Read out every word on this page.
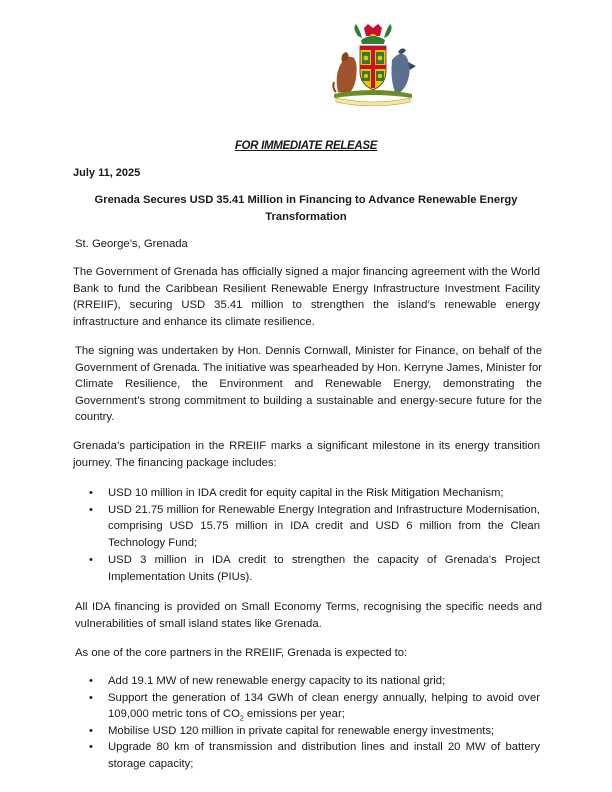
FOR IMMEDIATE RELEASE
July 11, 2025
Grenada Secures USD 35.41 Million in Financing to Advance Renewable Energy Transformation
St. George’s, Grenada
The Government of Grenada has officially signed a major financing agreement with the World Bank to fund the Caribbean Resilient Renewable Energy Infrastructure Investment Facility (RREIIF), securing USD 35.41 million to strengthen the island’s renewable energy infrastructure and enhance its climate resilience.
The signing was undertaken by Hon. Dennis Cornwall, Minister for Finance, on behalf of the Government of Grenada. The initiative was spearheaded by Hon. Kerryne James, Minister for Climate Resilience, the Environment and Renewable Energy, demonstrating the Government’s strong commitment to building a sustainable and energy-secure future for the country.
Grenada’s participation in the RREIIF marks a significant milestone in its energy transition journey. The financing package includes:
• USD 10 million in IDA credit for equity capital in the Risk Mitigation Mechanism;
• USD 21.75 million for Renewable Energy Integration and Infrastructure Modernisation, comprising USD 15.75 million in IDA credit and USD 6 million from the Clean Technology Fund;
• USD 3 million in IDA credit to strengthen the capacity of Grenada’s Project Implementation Units (PIUs).
All IDA financing is provided on Small Economy Terms, recognising the specific needs and vulnerabilities of small island states like Grenada.
As one of the core partners in the RREIIF, Grenada is expected to:
• Add 19.1 MW of new renewable energy capacity to its national grid;
• Support the generation of 134 GWh of clean energy annually, helping to avoid over 109,000 metric tons of $CO_2$ emissions per year;
• Mobilise USD 120 million in private capital for renewable energy investments;
• Upgrade 80 km of transmission and distribution lines and install 20 MW of battery storage capacity;
